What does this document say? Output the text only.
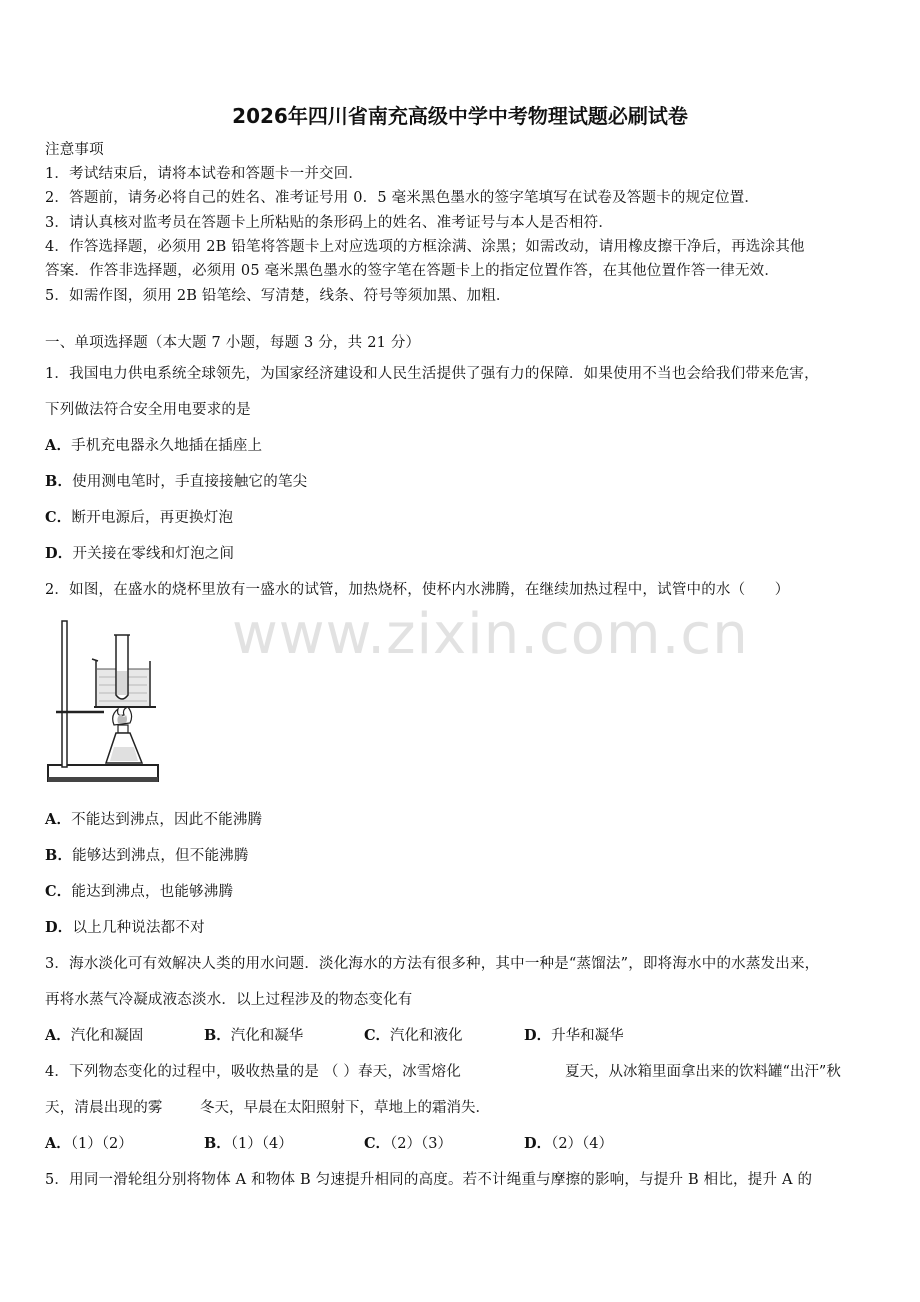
2026年四川省南充高级中学中考物理试题必刷试卷
注意事项
1．考试结束后，请将本试卷和答题卡一并交回．
2．答题前，请务必将自己的姓名、准考证号用 0．5 毫米黑色墨水的签字笔填写在试卷及答题卡的规定位置．
3．请认真核对监考员在答题卡上所粘贴的条形码上的姓名、准考证号与本人是否相符．
4．作答选择题，必须用 2B 铅笔将答题卡上对应选项的方框涂满、涂黑；如需改动，请用橡皮擦干净后，再选涂其他
答案．作答非选择题，必须用 05 毫米黑色墨水的签字笔在答题卡上的指定位置作答，在其他位置作答一律无效．
5．如需作图，须用 2B 铅笔绘、写清楚，线条、符号等须加黑、加粗．
一、单项选择题（本大题 7 小题，每题 3 分，共 21 分）
1．我国电力供电系统全球领先，为国家经济建设和人民生活提供了强有力的保障．如果使用不当也会给我们带来危害，
下列做法符合安全用电要求的是
A．手机充电器永久地插在插座上
B．使用测电笔时，手直接接触它的笔尖
C．断开电源后，再更换灯泡
D．开关接在零线和灯泡之间
2．如图，在盛水的烧杯里放有一盛水的试管，加热烧杯，使杯内水沸腾，在继续加热过程中，试管中的水（　　）
www.zixin.com.cn
A．不能达到沸点，因此不能沸腾
B．能够达到沸点，但不能沸腾
C．能达到沸点，也能够沸腾
D．以上几种说法都不对
3．海水淡化可有效解决人类的用水问题．淡化海水的方法有很多种，其中一种是“蒸馏法”，即将海水中的水蒸发出来，
再将水蒸气冷凝成液态淡水．以上过程涉及的物态变化有
A．汽化和凝固	B．汽化和凝华	C．汽化和液化	D．升华和凝华
4．下列物态变化的过程中，吸收热量的是 （ ）春天，冰雪熔化	夏天，从冰箱里面拿出来的饮料罐“出汗”秋
天，清晨出现的雾	冬天，早晨在太阳照射下，草地上的霜消失．
A．（1）（2）	B．（1）（4）	C．（2）（3）	D．（2）（4）
5．用同一滑轮组分别将物体 A 和物体 B 匀速提升相同的高度。若不计绳重与摩擦的影响，与提升 B 相比，提升 A 的
